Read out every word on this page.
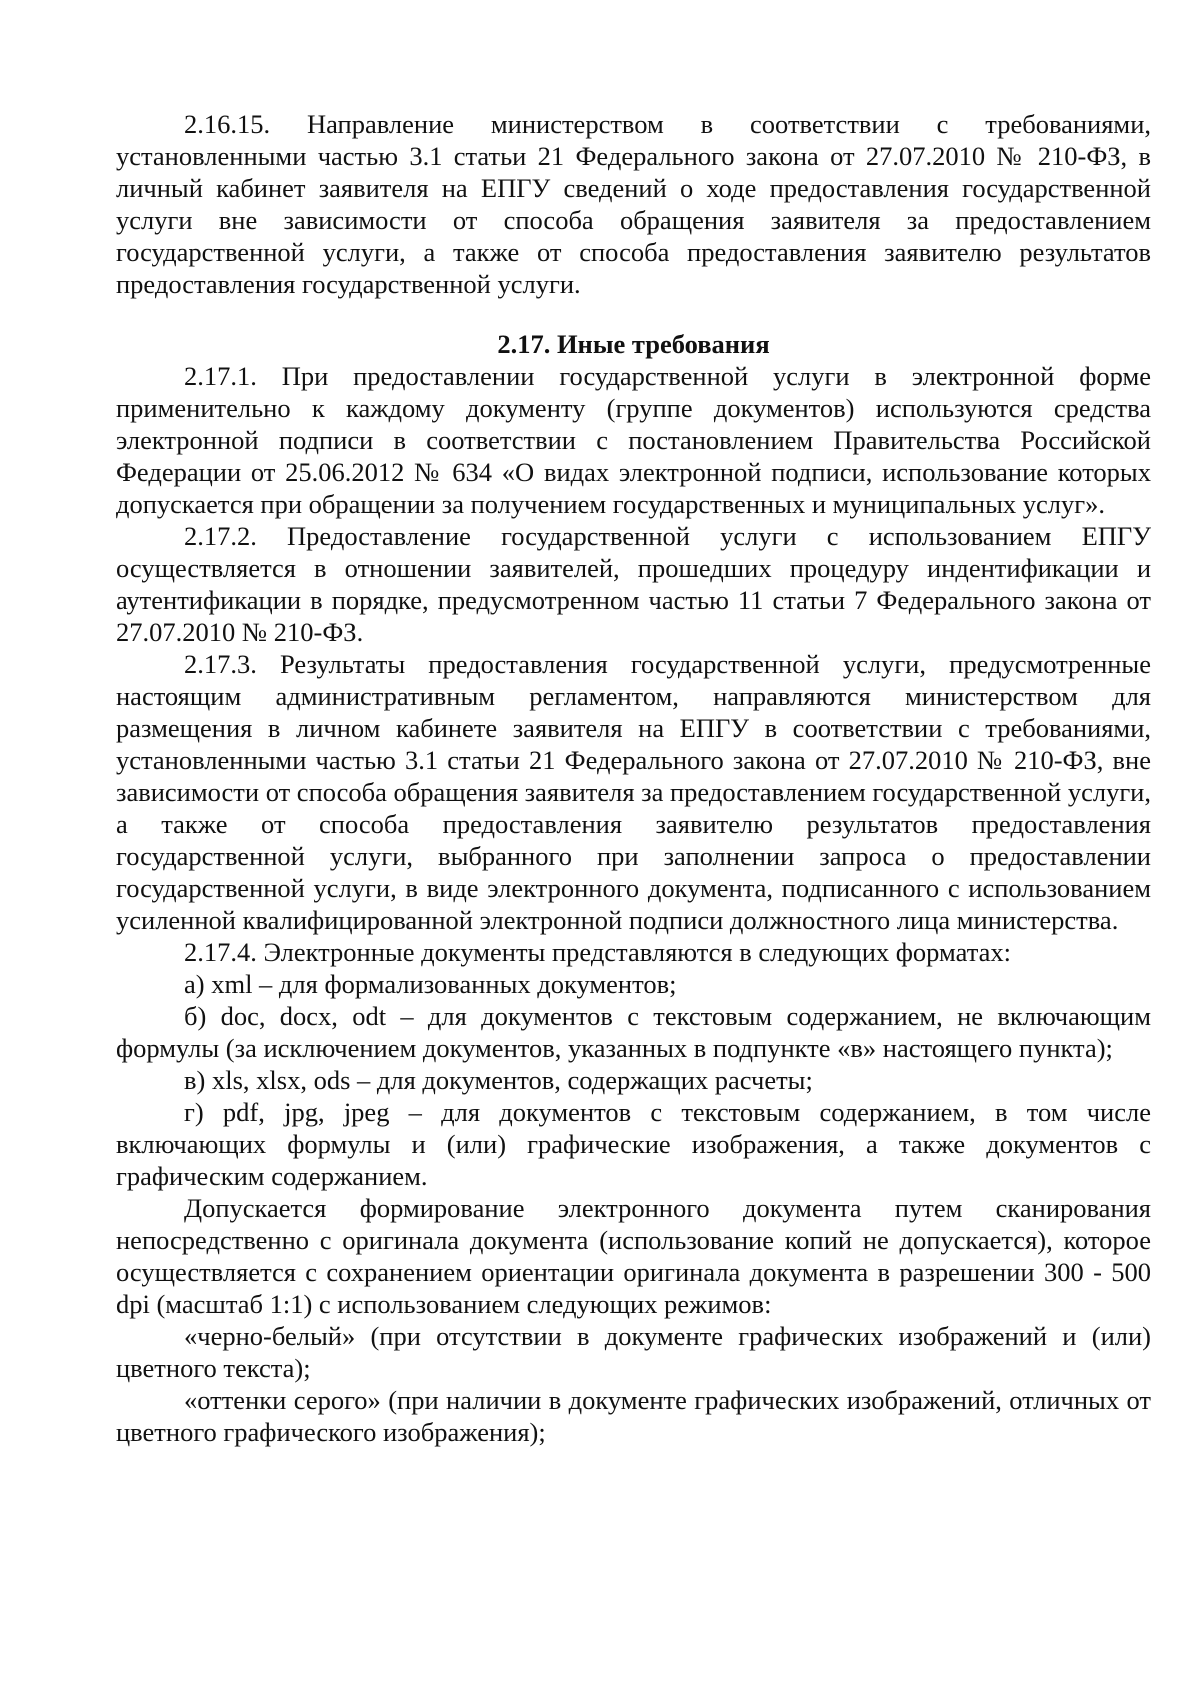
2.16.15. Направление министерством в соответствии с требованиями, установленными частью 3.1 статьи 21 Федерального закона от 27.07.2010 № 210-ФЗ, в личный кабинет заявителя на ЕПГУ сведений о ходе предоставления государственной услуги вне зависимости от способа обращения заявителя за предоставлением государственной услуги, а также от способа предоставления заявителю результатов предоставления государственной услуги.

2.17. Иные требования

2.17.1. При предоставлении государственной услуги в электронной форме применительно к каждому документу (группе документов) используются средства электронной подписи в соответствии с постановлением Правительства Российской Федерации от 25.06.2012 № 634 «О видах электронной подписи, использование которых допускается при обращении за получением государственных и муниципальных услуг».

2.17.2. Предоставление государственной услуги с использованием ЕПГУ осуществляется в отношении заявителей, прошедших процедуру индентификации и аутентификации в порядке, предусмотренном частью 11 статьи 7 Федерального закона от 27.07.2010 № 210-ФЗ.

2.17.3. Результаты предоставления государственной услуги, предусмотренные настоящим административным регламентом, направляются министерством для размещения в личном кабинете заявителя на ЕПГУ в соответствии с требованиями, установленными частью 3.1 статьи 21 Федерального закона от 27.07.2010 № 210-ФЗ, вне зависимости от способа обращения заявителя за предоставлением государственной услуги, а также от способа предоставления заявителю результатов предоставления государственной услуги, выбранного при заполнении запроса о предоставлении государственной услуги, в виде электронного документа, подписанного с использованием усиленной квалифицированной электронной подписи должностного лица министерства.

2.17.4. Электронные документы представляются в следующих форматах:

а) xml – для формализованных документов;

б) doc, docx, odt – для документов с текстовым содержанием, не включающим формулы (за исключением документов, указанных в подпункте «в» настоящего пункта);

в) xls, xlsx, ods – для документов, содержащих расчеты;

г) pdf, jpg, jpeg – для документов с текстовым содержанием, в том числе включающих формулы и (или) графические изображения, а также документов с графическим содержанием.

Допускается формирование электронного документа путем сканирования непосредственно с оригинала документа (использование копий не допускается), которое осуществляется с сохранением ориентации оригинала документа в разрешении 300 - 500 dpi (масштаб 1:1) с использованием следующих режимов:

«черно-белый» (при отсутствии в документе графических изображений и (или) цветного текста);

«оттенки серого» (при наличии в документе графических изображений, отличных от цветного графического изображения);
